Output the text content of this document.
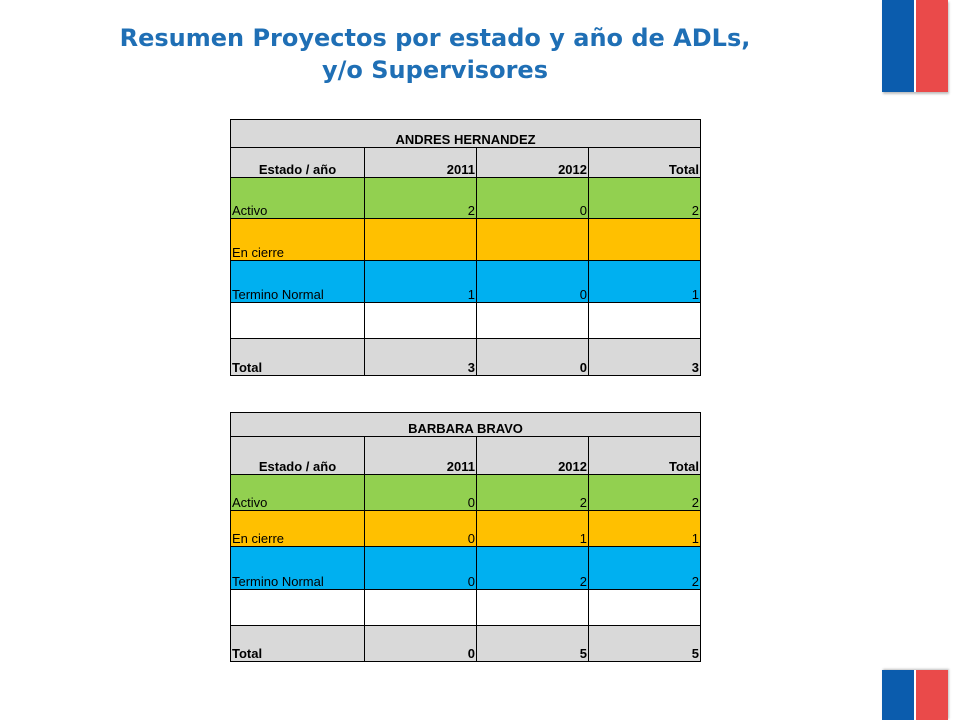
Resumen Proyectos por estado y año de ADLs,
y/o Supervisores
ANDRES HERNANDEZ			
Estado / año	2011	2012	Total
Activo	2	0	2
En cierre			
Termino Normal	1	0	1

Total	3	0	3
BARBARA BRAVO			
Estado / año	2011	2012	Total
Activo	0	2	2
En cierre	0	1	1
Termino Normal	0	2	2

Total	0	5	5
